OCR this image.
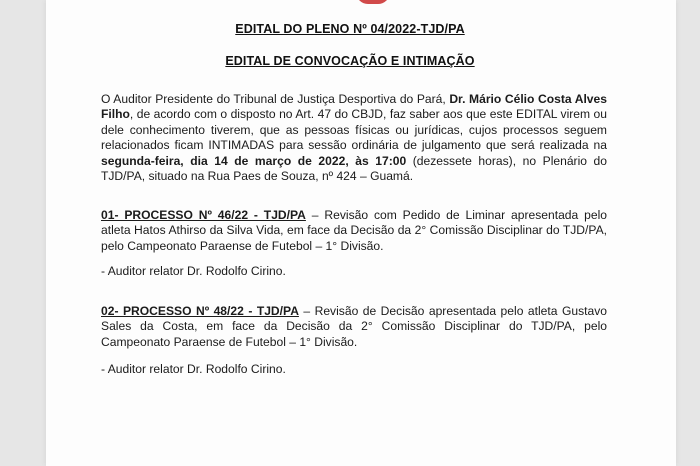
EDITAL DO PLENO Nº 04/2022-TJD/PA
EDITAL DE CONVOCAÇÃO E INTIMAÇÃO
O Auditor Presidente do Tribunal de Justiça Desportiva do Pará, Dr. Mário Célio Costa Alves Filho, de acordo com o disposto no Art. 47 do CBJD, faz saber aos que este EDITAL virem ou dele conhecimento tiverem, que as pessoas físicas ou jurídicas, cujos processos seguem relacionados ficam INTIMADAS para sessão ordinária de julgamento que será realizada na segunda-feira, dia 14 de março de 2022, às 17:00 (dezessete horas), no Plenário do TJD/PA, situado na Rua Paes de Souza, nº 424 – Guamá.
01- PROCESSO Nº 46/22 - TJD/PA – Revisão com Pedido de Liminar apresentada pelo atleta Hatos Athirso da Silva Vida, em face da Decisão da 2° Comissão Disciplinar do TJD/PA, pelo Campeonato Paraense de Futebol – 1° Divisão.
- Auditor relator Dr. Rodolfo Cirino.
02- PROCESSO Nº 48/22 - TJD/PA – Revisão de Decisão apresentada pelo atleta Gustavo Sales da Costa, em face da Decisão da 2° Comissão Disciplinar do TJD/PA, pelo Campeonato Paraense de Futebol – 1° Divisão.
- Auditor relator Dr. Rodolfo Cirino.
